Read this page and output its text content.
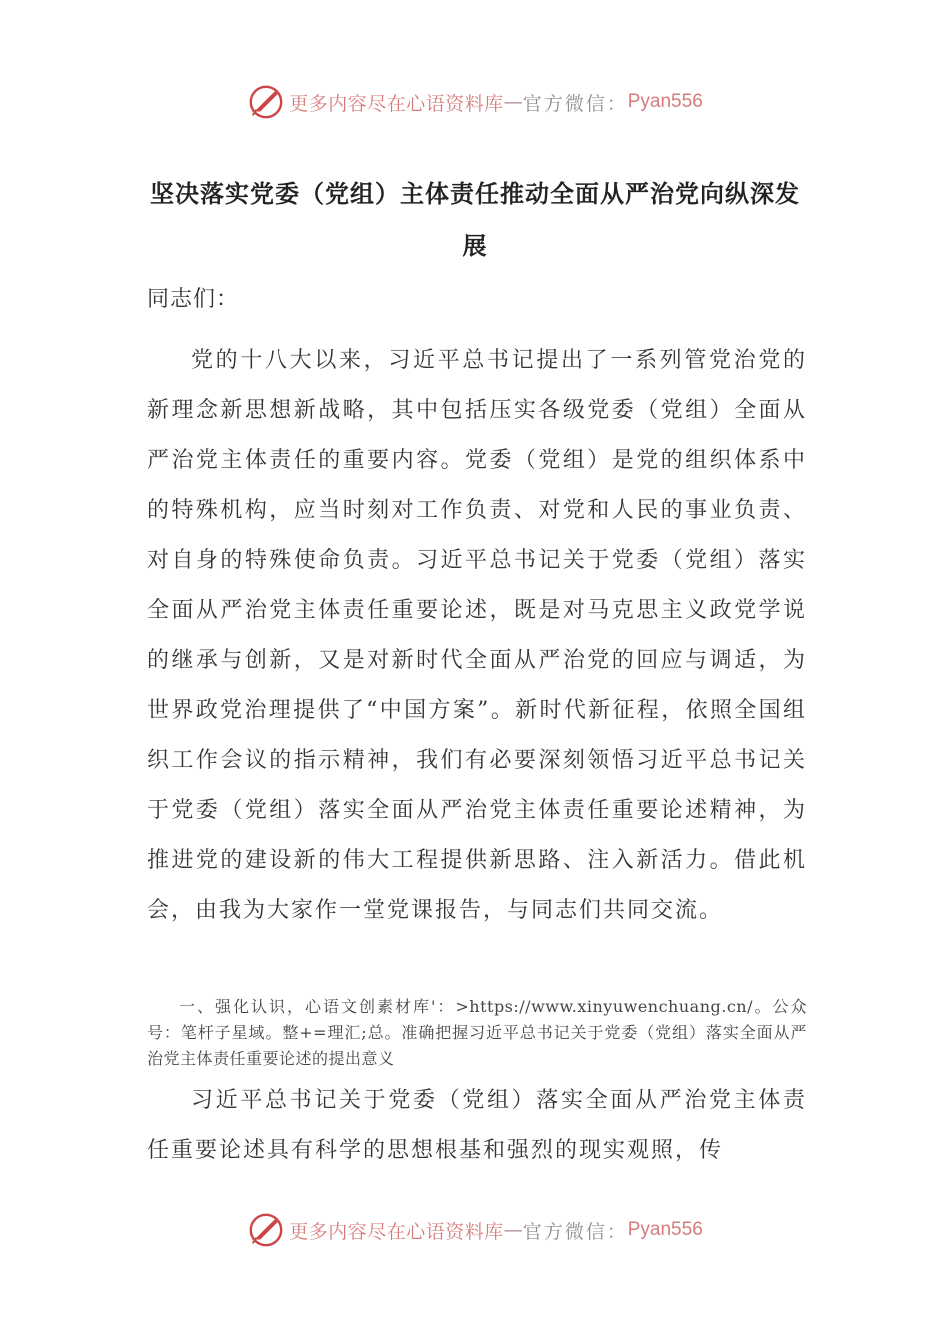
更多内容尽在心语资料库 — 官方微信： Pyan556
坚决落实党委（党组）主体责任推动全面从严治党向纵深发展
同志们：

党的十八大以来，习近平总书记提出了一系列管党治党的新理念新思想新战略，其中包括压实各级党委（党组）全面从严治党主体责任的重要内容。党委（党组）是党的组织体系中的特殊机构，应当时刻对工作负责、对党和人民的事业负责、对自身的特殊使命负责。习近平总书记关于党委（党组）落实全面从严治党主体责任重要论述，既是对马克思主义政党学说的继承与创新，又是对新时代全面从严治党的回应与调适，为世界政党治理提供了“中国方案”。新时代新征程，依照全国组织工作会议的指示精神，我们有必要深刻领悟习近平总书记关于党委（党组）落实全面从严治党主体责任重要论述精神，为推进党的建设新的伟大工程提供新思路、注入新活力。借此机会，由我为大家作一堂党课报告，与同志们共同交流。

一、强化认识，心语文创素材库'：>https://www.xinyuwenchuang.cn/。公众号：笔杆子星域。整+=理汇;总。准确把握习近平总书记关于党委（党组）落实全面从严治党主体责任重要论述的提出意义

习近平总书记关于党委（党组）落实全面从严治党主体责任重要论述具有科学的思想根基和强烈的现实观照，传

更多内容尽在心语资料库 — 官方微信： Pyan556
